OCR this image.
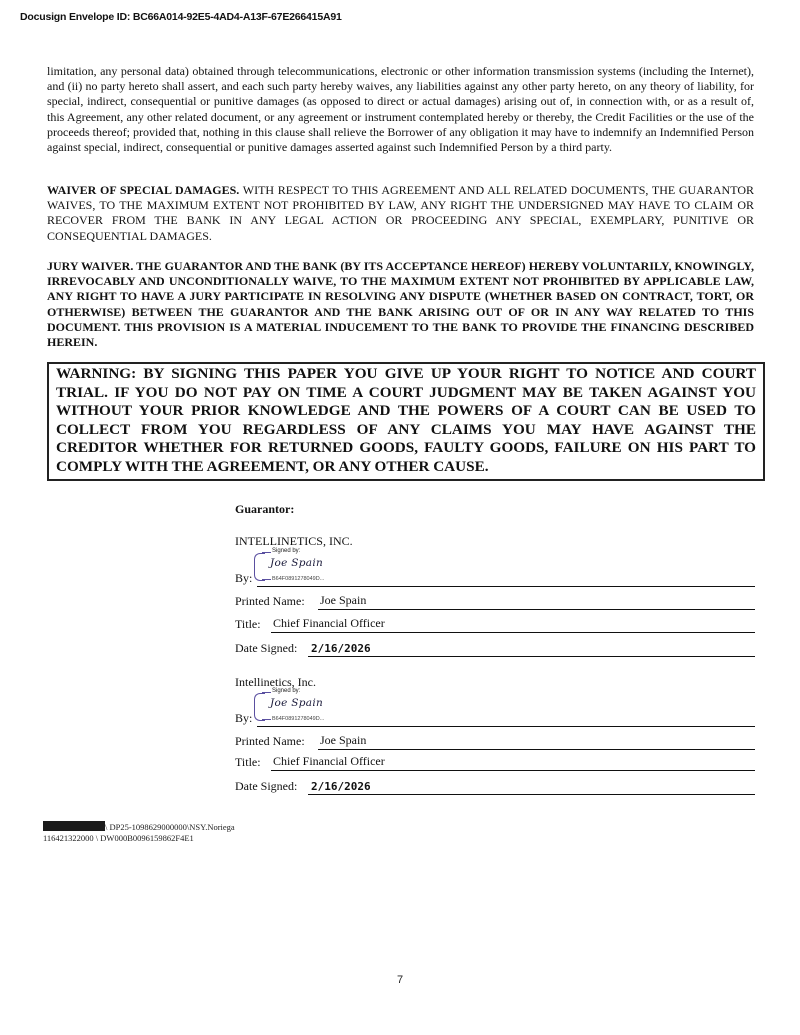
Docusign Envelope ID: BC66A014-92E5-4AD4-A13F-67E266415A91
limitation, any personal data) obtained through telecommunications, electronic or other information transmission systems (including the Internet), and (ii) no party hereto shall assert, and each such party hereby waives, any liabilities against any other party hereto, on any theory of liability, for special, indirect, consequential or punitive damages (as opposed to direct or actual damages) arising out of, in connection with, or as a result of, this Agreement, any other related document, or any agreement or instrument contemplated hereby or thereby, the Credit Facilities or the use of the proceeds thereof; provided that, nothing in this clause shall relieve the Borrower of any obligation it may have to indemnify an Indemnified Person against special, indirect, consequential or punitive damages asserted against such Indemnified Person by a third party.
WAIVER OF SPECIAL DAMAGES. WITH RESPECT TO THIS AGREEMENT AND ALL RELATED DOCUMENTS, THE GUARANTOR WAIVES, TO THE MAXIMUM EXTENT NOT PROHIBITED BY LAW, ANY RIGHT THE UNDERSIGNED MAY HAVE TO CLAIM OR RECOVER FROM THE BANK IN ANY LEGAL ACTION OR PROCEEDING ANY SPECIAL, EXEMPLARY, PUNITIVE OR CONSEQUENTIAL DAMAGES.
JURY WAIVER. THE GUARANTOR AND THE BANK (BY ITS ACCEPTANCE HEREOF) HEREBY VOLUNTARILY, KNOWINGLY, IRREVOCABLY AND UNCONDITIONALLY WAIVE, TO THE MAXIMUM EXTENT NOT PROHIBITED BY APPLICABLE LAW, ANY RIGHT TO HAVE A JURY PARTICIPATE IN RESOLVING ANY DISPUTE (WHETHER BASED ON CONTRACT, TORT, OR OTHERWISE) BETWEEN THE GUARANTOR AND THE BANK ARISING OUT OF OR IN ANY WAY RELATED TO THIS DOCUMENT. THIS PROVISION IS A MATERIAL INDUCEMENT TO THE BANK TO PROVIDE THE FINANCING DESCRIBED HEREIN.
WARNING: BY SIGNING THIS PAPER YOU GIVE UP YOUR RIGHT TO NOTICE AND COURT TRIAL. IF YOU DO NOT PAY ON TIME A COURT JUDGMENT MAY BE TAKEN AGAINST YOU WITHOUT YOUR PRIOR KNOWLEDGE AND THE POWERS OF A COURT CAN BE USED TO COLLECT FROM YOU REGARDLESS OF ANY CLAIMS YOU MAY HAVE AGAINST THE CREDITOR WHETHER FOR RETURNED GOODS, FAULTY GOODS, FAILURE ON HIS PART TO COMPLY WITH THE AGREEMENT, OR ANY OTHER CAUSE.
Guarantor:
INTELLINETICS, INC.
By:
Signed by:
Joe Spain
B64F0891278049D...
Printed Name: Joe Spain
Title: Chief Financial Officer
Date Signed: 2/16/2026
Intellinetics, Inc.
By:
Signed by:
Joe Spain
B64F0891278049D...
Printed Name: Joe Spain
Title: Chief Financial Officer
Date Signed: 2/16/2026
\ DP25-1098629000000\NSY.Noriega
116421322000 \ DW000B0096159862F4E1
7
